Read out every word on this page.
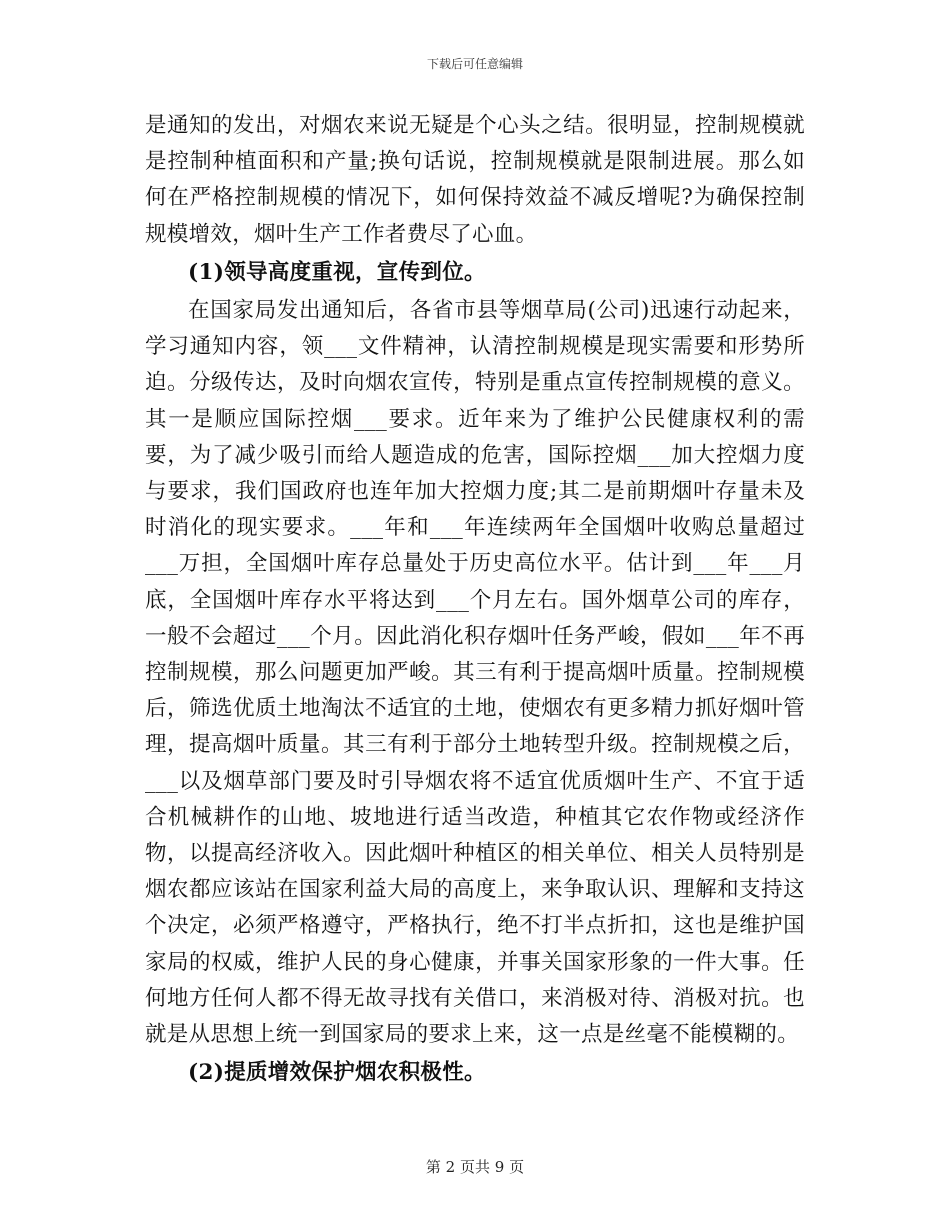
下载后可任意编辑

是通知的发出，对烟农来说无疑是个心头之结。很明显，控制规模就是控制种植面积和产量;换句话说，控制规模就是限制进展。那么如何在严格控制规模的情况下，如何保持效益不减反增呢?为确保控制规模增效，烟叶生产工作者费尽了心血。

(1)领导高度重视，宣传到位。

在国家局发出通知后，各省市县等烟草局(公司)迅速行动起来，学习通知内容，领___文件精神，认清控制规模是现实需要和形势所迫。分级传达，及时向烟农宣传，特别是重点宣传控制规模的意义。其一是顺应国际控烟___要求。近年来为了维护公民健康权利的需要，为了减少吸引而给人题造成的危害，国际控烟___加大控烟力度与要求，我们国政府也连年加大控烟力度;其二是前期烟叶存量未及时消化的现实要求。___年和___年连续两年全国烟叶收购总量超过___万担，全国烟叶库存总量处于历史高位水平。估计到___年___月底，全国烟叶库存水平将达到___个月左右。国外烟草公司的库存，一般不会超过___个月。因此消化积存烟叶任务严峻，假如___年不再控制规模，那么问题更加严峻。其三有利于提高烟叶质量。控制规模后，筛选优质土地淘汰不适宜的土地，使烟农有更多精力抓好烟叶管理，提高烟叶质量。其三有利于部分土地转型升级。控制规模之后，___以及烟草部门要及时引导烟农将不适宜优质烟叶生产、不宜于适合机械耕作的山地、坡地进行适当改造，种植其它农作物或经济作物，以提高经济收入。因此烟叶种植区的相关单位、相关人员特别是烟农都应该站在国家利益大局的高度上，来争取认识、理解和支持这个决定，必须严格遵守，严格执行，绝不打半点折扣，这也是维护国家局的权威，维护人民的身心健康，并事关国家形象的一件大事。任何地方任何人都不得无故寻找有关借口，来消极对待、消极对抗。也就是从思想上统一到国家局的要求上来，这一点是丝毫不能模糊的。

(2)提质增效保护烟农积极性。

第 2 页共 9 页
